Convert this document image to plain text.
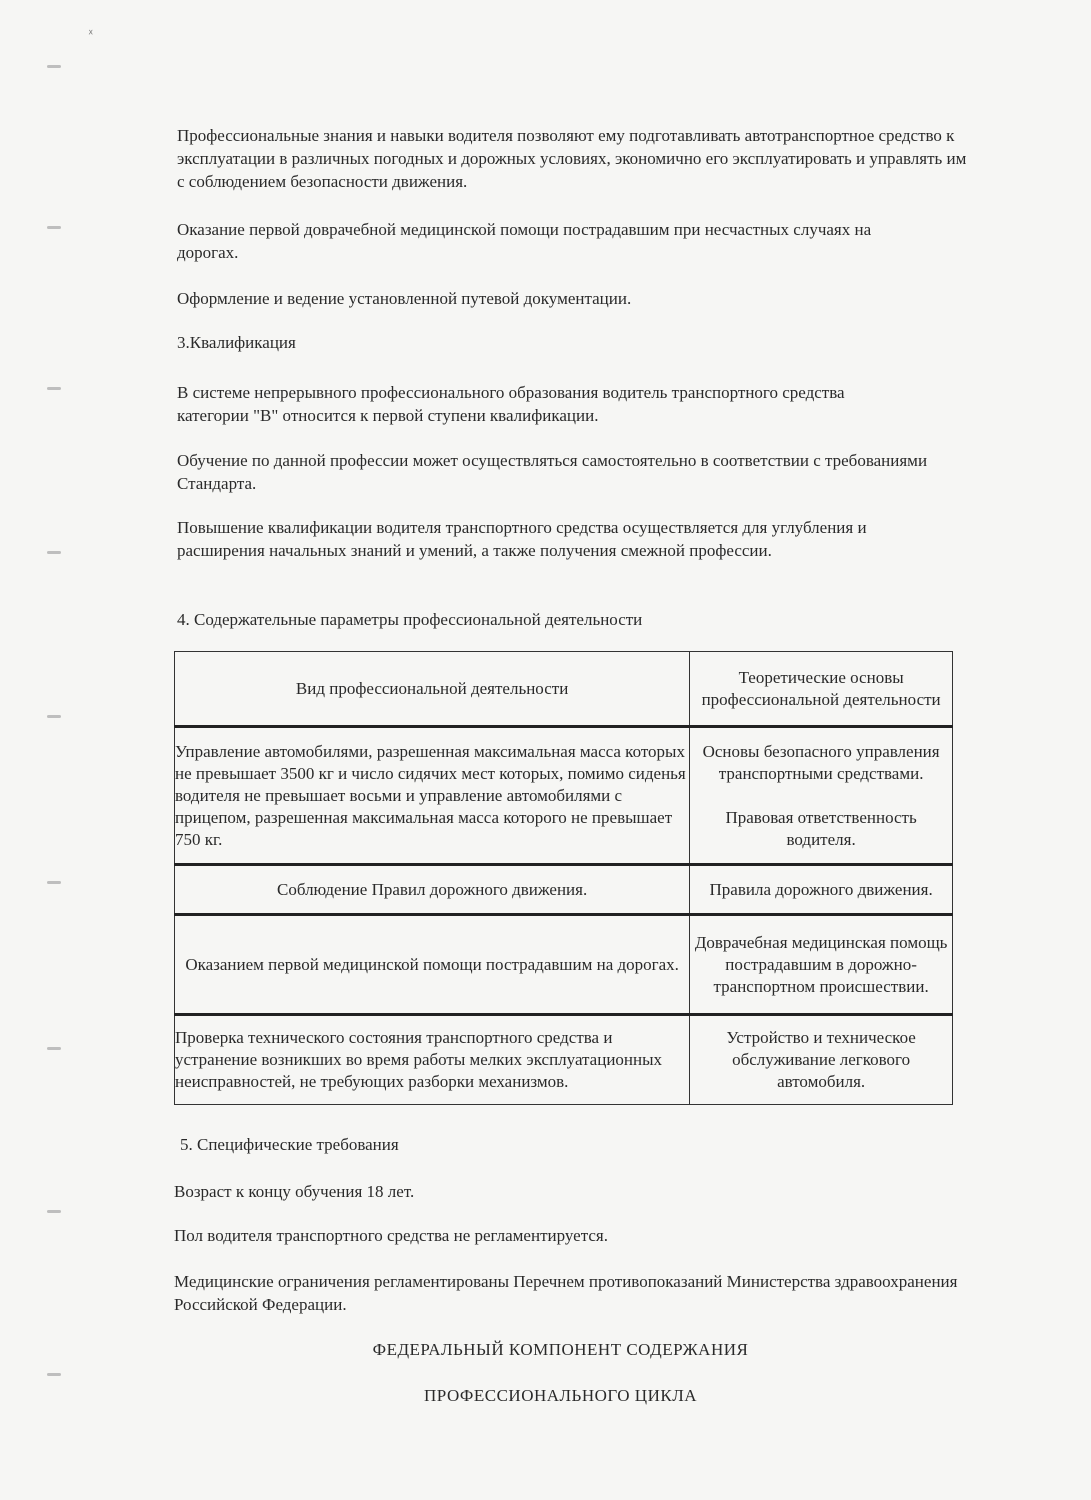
ᕁ

Профессиональные знания и навыки водителя позволяют ему подготавливать автотранспортное средство к эксплуатации в различных погодных и дорожных условиях, экономично его эксплуатировать и управлять им с соблюдением безопасности движения.

Оказание первой доврачебной медицинской помощи пострадавшим при несчастных случаях на дорогах.

Оформление и ведение установленной путевой документации.

3.Квалификация

В системе непрерывного профессионального образования водитель транспортного средства категории "В" относится к первой ступени квалификации.

Обучение по данной профессии может осуществляться самостоятельно в соответствии с требованиями Стандарта.

Повышение квалификации водителя транспортного средства осуществляется для углубления и расширения начальных знаний и умений, а также получения смежной профессии.

4. Содержательные параметры профессиональной деятельности

Вид профессиональной деятельности	Теоретические основы профессиональной деятельности
Управление автомобилями, разрешенная максимальная масса которых не превышает 3500 кг и число сидячих мест которых, помимо сиденья водителя не превышает восьми и управление автомобилями с прицепом, разрешенная максимальная масса которого не превышает 750 кг.	Основы безопасного управления транспортными средствами.
Правовая ответственность водителя.

Соблюдение Правил дорожного движения.	Правила дорожного движения.
Оказанием первой медицинской помощи пострадавшим на дорогах.	Доврачебная медицинская помощь пострадавшим в дорожно-транспортном происшествии.
Проверка технического состояния транспортного средства и устранение возникших во время работы мелких эксплуатационных неисправностей, не требующих разборки механизмов.	Устройство и техническое обслуживание легкового автомобиля.

5. Специфические требования

Возраст к концу обучения 18 лет.

Пол водителя транспортного средства не регламентируется.

Медицинские ограничения регламентированы Перечнем противопоказаний Министерства здравоохранения Российской Федерации.

ФЕДЕРАЛЬНЫЙ КОМПОНЕНТ СОДЕРЖАНИЯ

ПРОФЕССИОНАЛЬНОГО ЦИКЛА
